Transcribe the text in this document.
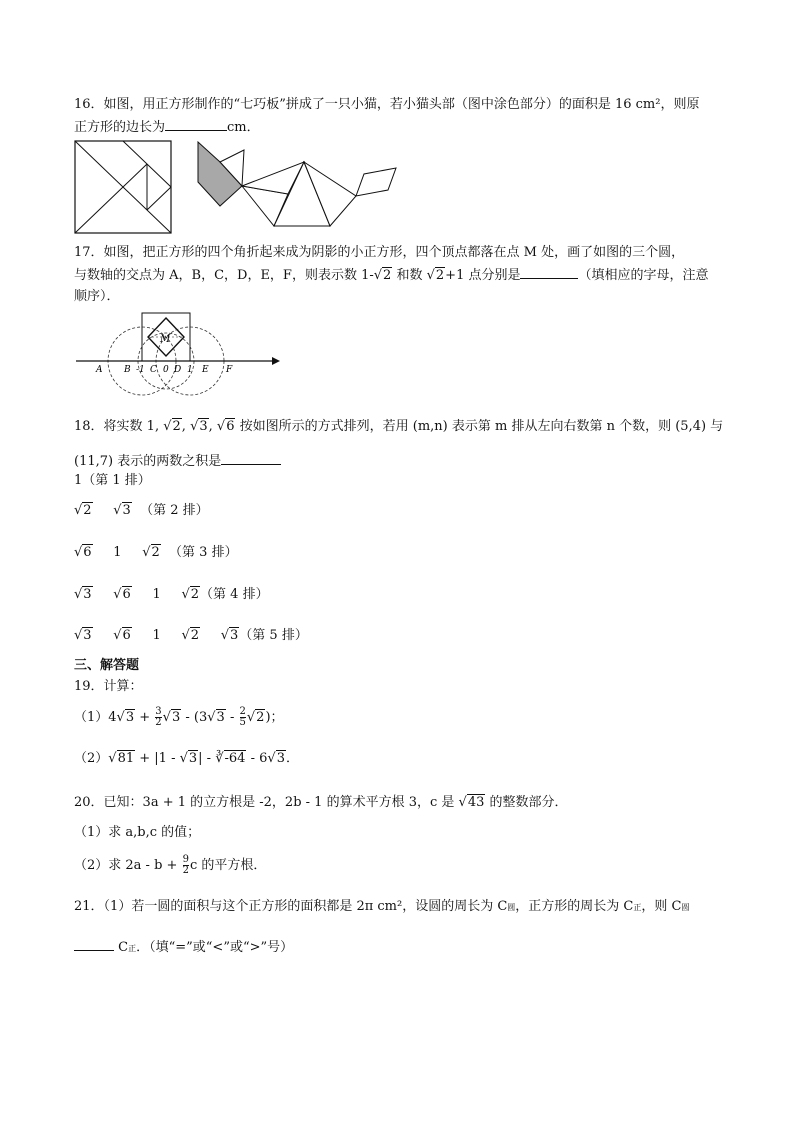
16．如图，用正方形制作的“七巧板”拼成了一只小猫，若小猫头部（图中涂色部分）的面积是 16 cm²，则原
正方形的边长为	cm．
17．如图，把正方形的四个角折起来成为阴影的小正方形，四个顶点都落在点 M 处，画了如图的三个圆，
与数轴的交点为 A，B，C，D，E，F，则表示数 1-√2 和数 √2+1 点分别是	（填相应的字母，注意
顺序）．
M
A B -1 C 0 D 1 E F
18．将实数 1, √2, √3, √6 按如图所示的方式排列，若用 (m,n) 表示第 m 排从左向右数第 n 个数，则 (5,4) 与
(11,7) 表示的两数之积是
1（第 1 排）
√2 √3 （第 2 排）
√6 1 √2 （第 3 排）
√3 √6 1 √2（第 4 排）
√3 √6 1 √2 √3（第 5 排）
三、解答题
19．计算：
$(1)4√3 + \frac{3}{2} √3 - (3√3 - \frac{2}{5} √2)$；
（2）√81 + |1 - √3| - ∛-64 - 6√3．
20．已知：3a + 1 的立方根是 -2，2b - 1 的算术平方根 3，c 是 √43 的整数部分．
（1）求 a,b,c 的值；
（2）求 $2a - b + \frac{9}{2}$ c 的平方根．
21．（1）若一圆的面积与这个正方形的面积都是 2π cm²，设圆的周长为 C圆，正方形的周长为 C正，则 C圆
C正．（填“=”或“<”或“>”号）
